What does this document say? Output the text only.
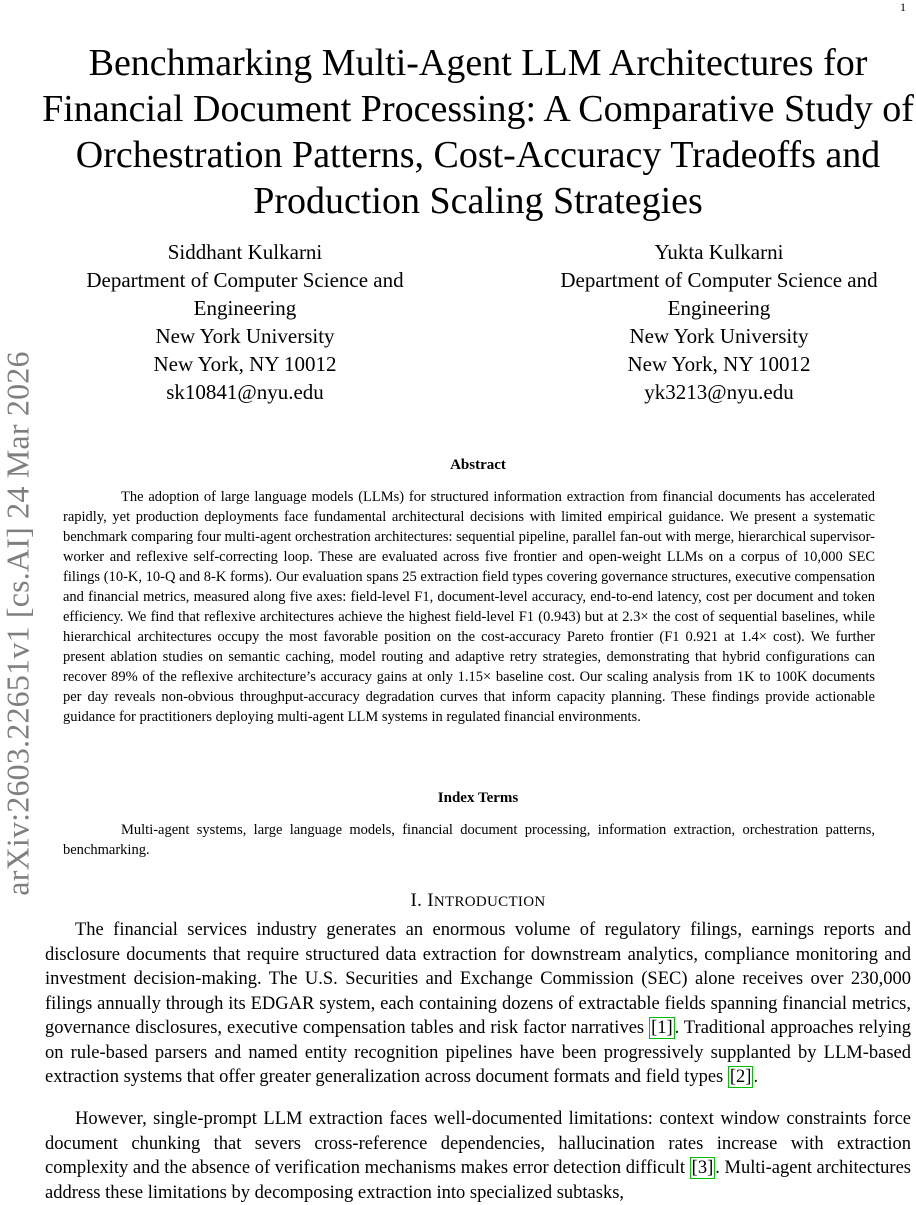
1
arXiv:2603.22651v1 [cs.AI] 24 Mar 2026
Benchmarking Multi-Agent LLM Architectures for Financial Document Processing: A Comparative Study of Orchestration Patterns, Cost-Accuracy Tradeoffs and Production Scaling Strategies
Siddhant Kulkarni
Department of Computer Science and
Engineering
New York University
New York, NY 10012
sk10841@nyu.edu
Yukta Kulkarni
Department of Computer Science and
Engineering
New York University
New York, NY 10012
yk3213@nyu.edu
Abstract

The adoption of large language models (LLMs) for structured information extraction from financial documents has accelerated rapidly, yet production deployments face fundamental architectural decisions with limited empirical guidance. We present a systematic benchmark comparing four multi-agent orchestration architectures: sequential pipeline, parallel fan-out with merge, hierarchical supervisor-worker and reflexive self-correcting loop. These are evaluated across five frontier and open-weight LLMs on a corpus of 10,000 SEC filings (10-K, 10-Q and 8-K forms). Our evaluation spans 25 extraction field types covering governance structures, executive compensation and financial metrics, measured along five axes: field-level F1, document-level accuracy, end-to-end latency, cost per document and token efficiency. We find that reflexive architectures achieve the highest field-level F1 (0.943) but at 2.3× the cost of sequential baselines, while hierarchical architectures occupy the most favorable position on the cost-accuracy Pareto frontier (F1 0.921 at 1.4× cost). We further present ablation studies on semantic caching, model routing and adaptive retry strategies, demonstrating that hybrid configurations can recover 89% of the reflexive architecture’s accuracy gains at only 1.15× baseline cost. Our scaling analysis from 1K to 100K documents per day reveals non-obvious throughput-accuracy degradation curves that inform capacity planning. These findings provide actionable guidance for practitioners deploying multi-agent LLM systems in regulated financial environments.

Index Terms

Multi-agent systems, large language models, financial document processing, information extraction, orchestration patterns, benchmarking.

I. INTRODUCTION

The financial services industry generates an enormous volume of regulatory filings, earnings reports and disclosure documents that require structured data extraction for downstream analytics, compliance monitoring and investment decision-making. The U.S. Securities and Exchange Commission (SEC) alone receives over 230,000 filings annually through its EDGAR system, each containing dozens of extractable fields spanning financial metrics, governance disclosures, executive compensation tables and risk factor narratives [1] . Traditional approaches relying on rule-based parsers and named entity recognition pipelines have been progressively supplanted by LLM-based extraction systems that offer greater generalization across document formats and field types [2] .

However, single-prompt LLM extraction faces well-documented limitations: context window constraints force document chunking that severs cross-reference dependencies, hallucination rates increase with extraction complexity and the absence of verification mechanisms makes error detection difficult [3] . Multi-agent architectures address these limitations by decomposing extraction into specialized subtasks,
